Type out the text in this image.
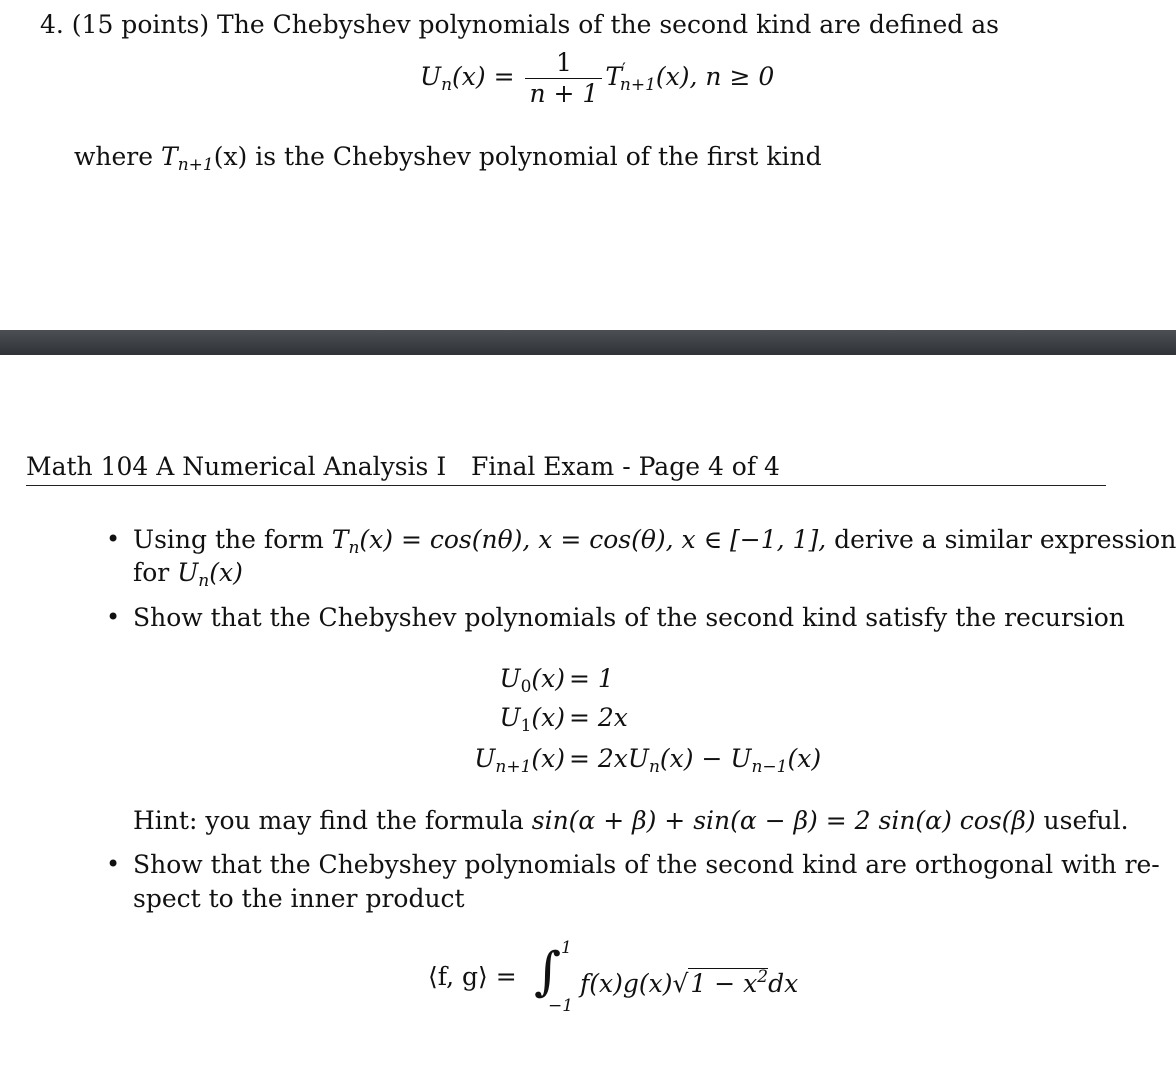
4. (15 points) The Chebyshev polynomials of the second kind are defined as
$U_n(x) = \frac{1}{n + 1} T'_{n+1}(x)$, n ≥ 0
where $T_{n+1}(x)$ is the Chebyshev polynomial of the first kind
Math 104 A Numerical Analysis I Final Exam - Page 4 of 4
• Using the form $T_n(x) = \cos(n\theta)$, x = cos(θ), x ∈ [−1, 1], derive a similar expression
for $U_n(x)$
• Show that the Chebyshev polynomials of the second kind satisfy the recursion
$U_0(x) = 1$
$U_1(x) = 2x$
$U_{n+1}(x) = 2xU_n(x) - U_{n-1}(x)$
Hint: you may find the formula sin(α + β) + sin(α − β) = 2 sin(α) cos(β) useful.
• Show that the Chebyshey polynomials of the second kind are orthogonal with re-
spect to the inner product
⟨f, g⟩ = ∫ 1
−1
$f(x)g(x)√1 - x^2dx$
